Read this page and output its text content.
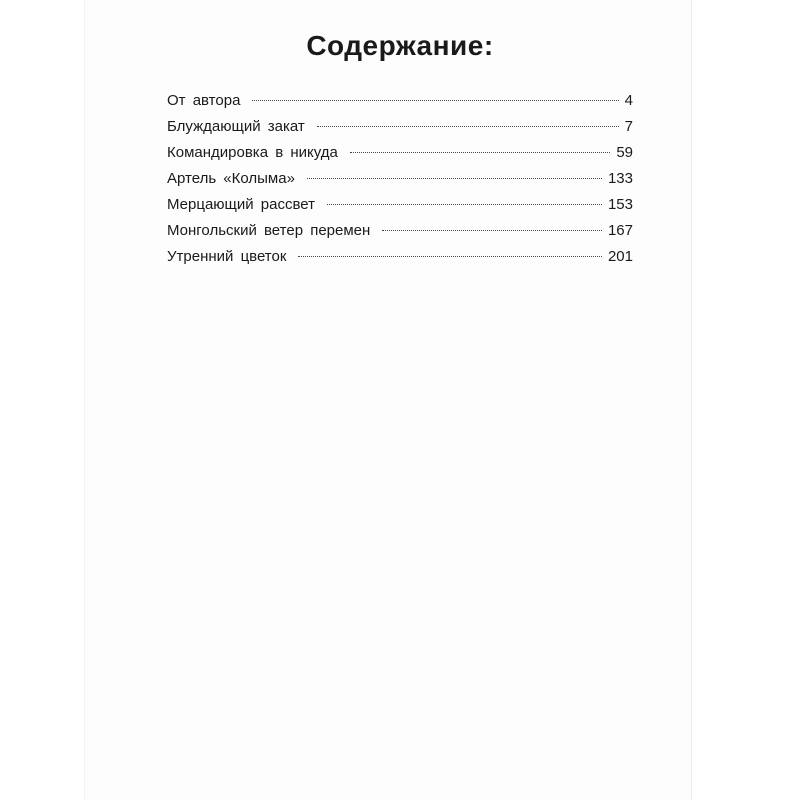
Содержание:
От автора	4
Блуждающий закат	7
Командировка в никуда	59
Артель «Колыма»	133
Мерцающий рассвет	153
Монгольский ветер перемен	167
Утренний цветок	201
